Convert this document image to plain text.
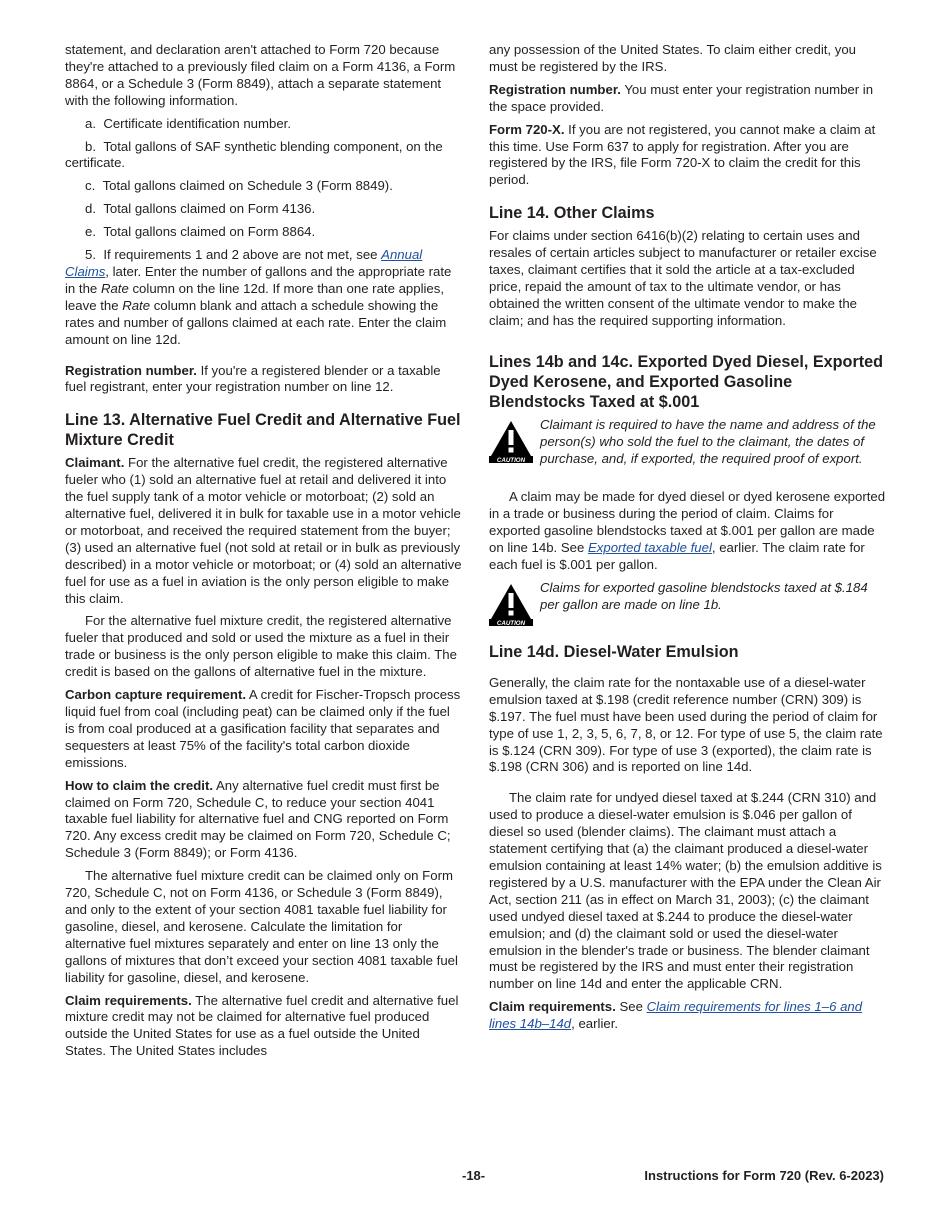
statement, and declaration aren't attached to Form 720 because they're attached to a previously filed claim on a Form 4136, a Form 8864, or a Schedule 3 (Form 8849), attach a separate statement with the following information.

a.  Certificate identification number.

b.  Total gallons of SAF synthetic blending component, on the certificate.

c.  Total gallons claimed on Schedule 3 (Form 8849).

d.  Total gallons claimed on Form 4136.

e.  Total gallons claimed on Form 8864.

5.  If requirements 1 and 2 above are not met, see Annual Claims, later. Enter the number of gallons and the appropriate rate in the Rate column on the line 12d. If more than one rate applies, leave the Rate column blank and attach a schedule showing the rates and number of gallons claimed at each rate. Enter the claim amount on line 12d.

Registration number. If you're a registered blender or a taxable fuel registrant, enter your registration number on line 12.

Line 13. Alternative Fuel Credit and Alternative Fuel Mixture Credit

Claimant. For the alternative fuel credit, the registered alternative fueler who (1) sold an alternative fuel at retail and delivered it into the fuel supply tank of a motor vehicle or motorboat; (2) sold an alternative fuel, delivered it in bulk for taxable use in a motor vehicle or motorboat, and received the required statement from the buyer; (3) used an alternative fuel (not sold at retail or in bulk as previously described) in a motor vehicle or motorboat; or (4) sold an alternative fuel for use as a fuel in aviation is the only person eligible to make this claim.

For the alternative fuel mixture credit, the registered alternative fueler that produced and sold or used the mixture as a fuel in their trade or business is the only person eligible to make this claim. The credit is based on the gallons of alternative fuel in the mixture.

Carbon capture requirement. A credit for Fischer-Tropsch process liquid fuel from coal (including peat) can be claimed only if the fuel is from coal produced at a gasification facility that separates and sequesters at least 75% of the facility's total carbon dioxide emissions.

How to claim the credit. Any alternative fuel credit must first be claimed on Form 720, Schedule C, to reduce your section 4041 taxable fuel liability for alternative fuel and CNG reported on Form 720. Any excess credit may be claimed on Form 720, Schedule C; Schedule 3 (Form 8849); or Form 4136.

The alternative fuel mixture credit can be claimed only on Form 720, Schedule C, not on Form 4136, or Schedule 3 (Form 8849), and only to the extent of your section 4081 taxable fuel liability for gasoline, diesel, and kerosene. Calculate the limitation for alternative fuel mixtures separately and enter on line 13 only the gallons of mixtures that don’t exceed your section 4081 taxable fuel liability for gasoline, diesel, and kerosene.

Claim requirements. The alternative fuel credit and alternative fuel mixture credit may not be claimed for alternative fuel produced outside the United States for use as a fuel outside the United States. The United States includes

any possession of the United States. To claim either credit, you must be registered by the IRS.

Registration number. You must enter your registration number in the space provided.

Form 720-X. If you are not registered, you cannot make a claim at this time. Use Form 637 to apply for registration. After you are registered by the IRS, file Form 720-X to claim the credit for this period.

Line 14. Other Claims

For claims under section 6416(b)(2) relating to certain uses and resales of certain articles subject to manufacturer or retailer excise taxes, claimant certifies that it sold the article at a tax-excluded price, repaid the amount of tax to the ultimate vendor, or has obtained the written consent of the ultimate vendor to make the claim; and has the required supporting information.

Lines 14b and 14c. Exported Dyed Diesel, Exported Dyed Kerosene, and Exported Gasoline Blendstocks Taxed at $.001
CAUTION
Claimant is required to have the name and address of the person(s) who sold the fuel to the claimant, the dates of purchase, and, if exported, the required proof of export.

A claim may be made for dyed diesel or dyed kerosene exported in a trade or business during the period of claim. Claims for exported gasoline blendstocks taxed at $.001 per gallon are made on line 14b. See Exported taxable fuel, earlier. The claim rate for each fuel is $.001 per gallon.

CAUTION
Claims for exported gasoline blendstocks taxed at $.184 per gallon are made on line 1b.
Line 14d. Diesel-Water Emulsion

Generally, the claim rate for the nontaxable use of a diesel-water emulsion taxed at $.198 (credit reference number (CRN) 309) is $.197. The fuel must have been used during the period of claim for type of use 1, 2, 3, 5, 6, 7, 8, or 12. For type of use 5, the claim rate is $.124 (CRN 309). For type of use 3 (exported), the claim rate is $.198 (CRN 306) and is reported on line 14d.

The claim rate for undyed diesel taxed at $.244 (CRN 310) and used to produce a diesel-water emulsion is $.046 per gallon of diesel so used (blender claims). The claimant must attach a statement certifying that (a) the claimant produced a diesel-water emulsion containing at least 14% water; (b) the emulsion additive is registered by a U.S. manufacturer with the EPA under the Clean Air Act, section 211 (as in effect on March 31, 2003); (c) the claimant used undyed diesel taxed at $.244 to produce the diesel-water emulsion; and (d) the claimant sold or used the diesel-water emulsion in the blender's trade or business. The blender claimant must be registered by the IRS and must enter their registration number on line 14d and enter the applicable CRN.

Claim requirements. See Claim requirements for lines 1–6 and lines 14b–14d, earlier.

-18-	Instructions for Form 720 (Rev. 6-2023)
